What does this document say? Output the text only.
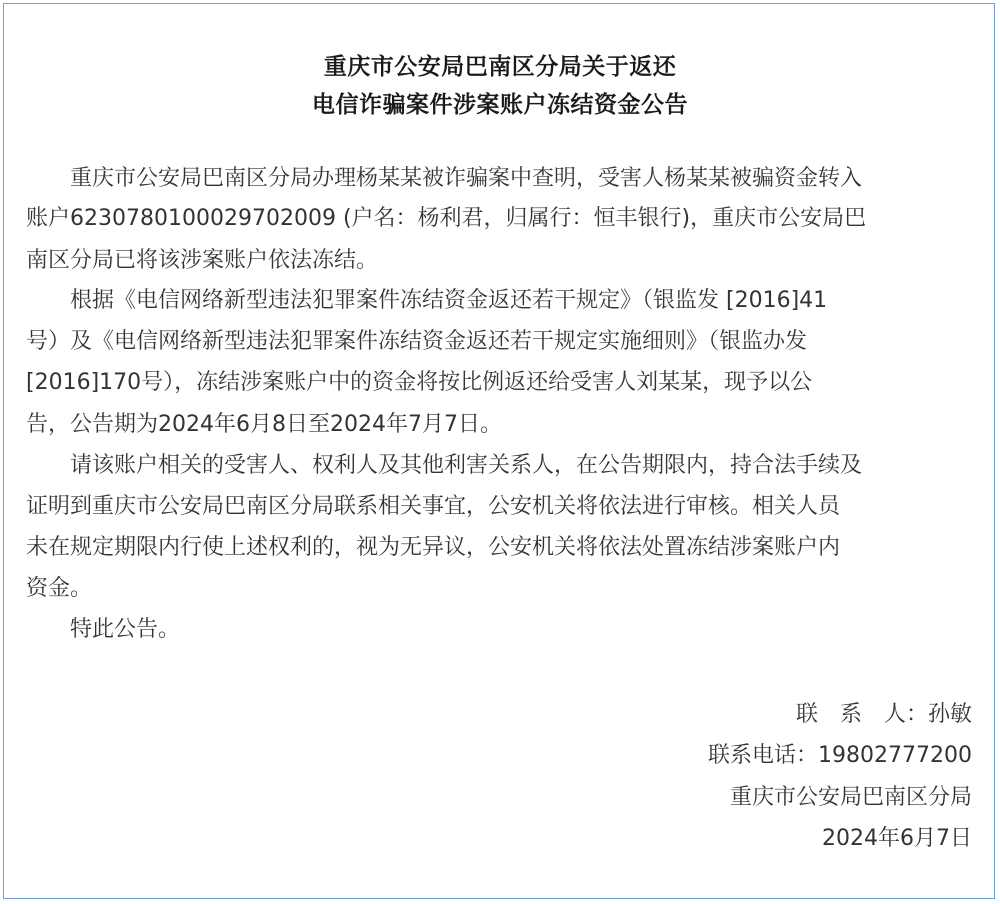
重庆市公安局巴南区分局关于返还
电信诈骗案件涉案账户冻结资金公告
重庆市公安局巴南区分局办理杨某某被诈骗案中查明，受害人杨某某被骗资金转入
账户6230780100029702009 (户名：杨利君，归属行：恒丰银行)，重庆市公安局巴
南区分局已将该涉案账户依法冻结。
根据《电信网络新型违法犯罪案件冻结资金返还若干规定》（银监发 [2016]41
号）及《电信网络新型违法犯罪案件冻结资金返还若干规定实施细则》（银监办发
[2016]170号），冻结涉案账户中的资金将按比例返还给受害人刘某某，现予以公
告，公告期为2024年6月8日至2024年7月7日。
请该账户相关的受害人、权利人及其他利害关系人，在公告期限内，持合法手续及
证明到重庆市公安局巴南区分局联系相关事宜，公安机关将依法进行审核。相关人员
未在规定期限内行使上述权利的，视为无异议，公安机关将依法处置冻结涉案账户内
资金。
特此公告。
联　系　人：孙敏
联系电话：19802777200
重庆市公安局巴南区分局
2024年6月7日
